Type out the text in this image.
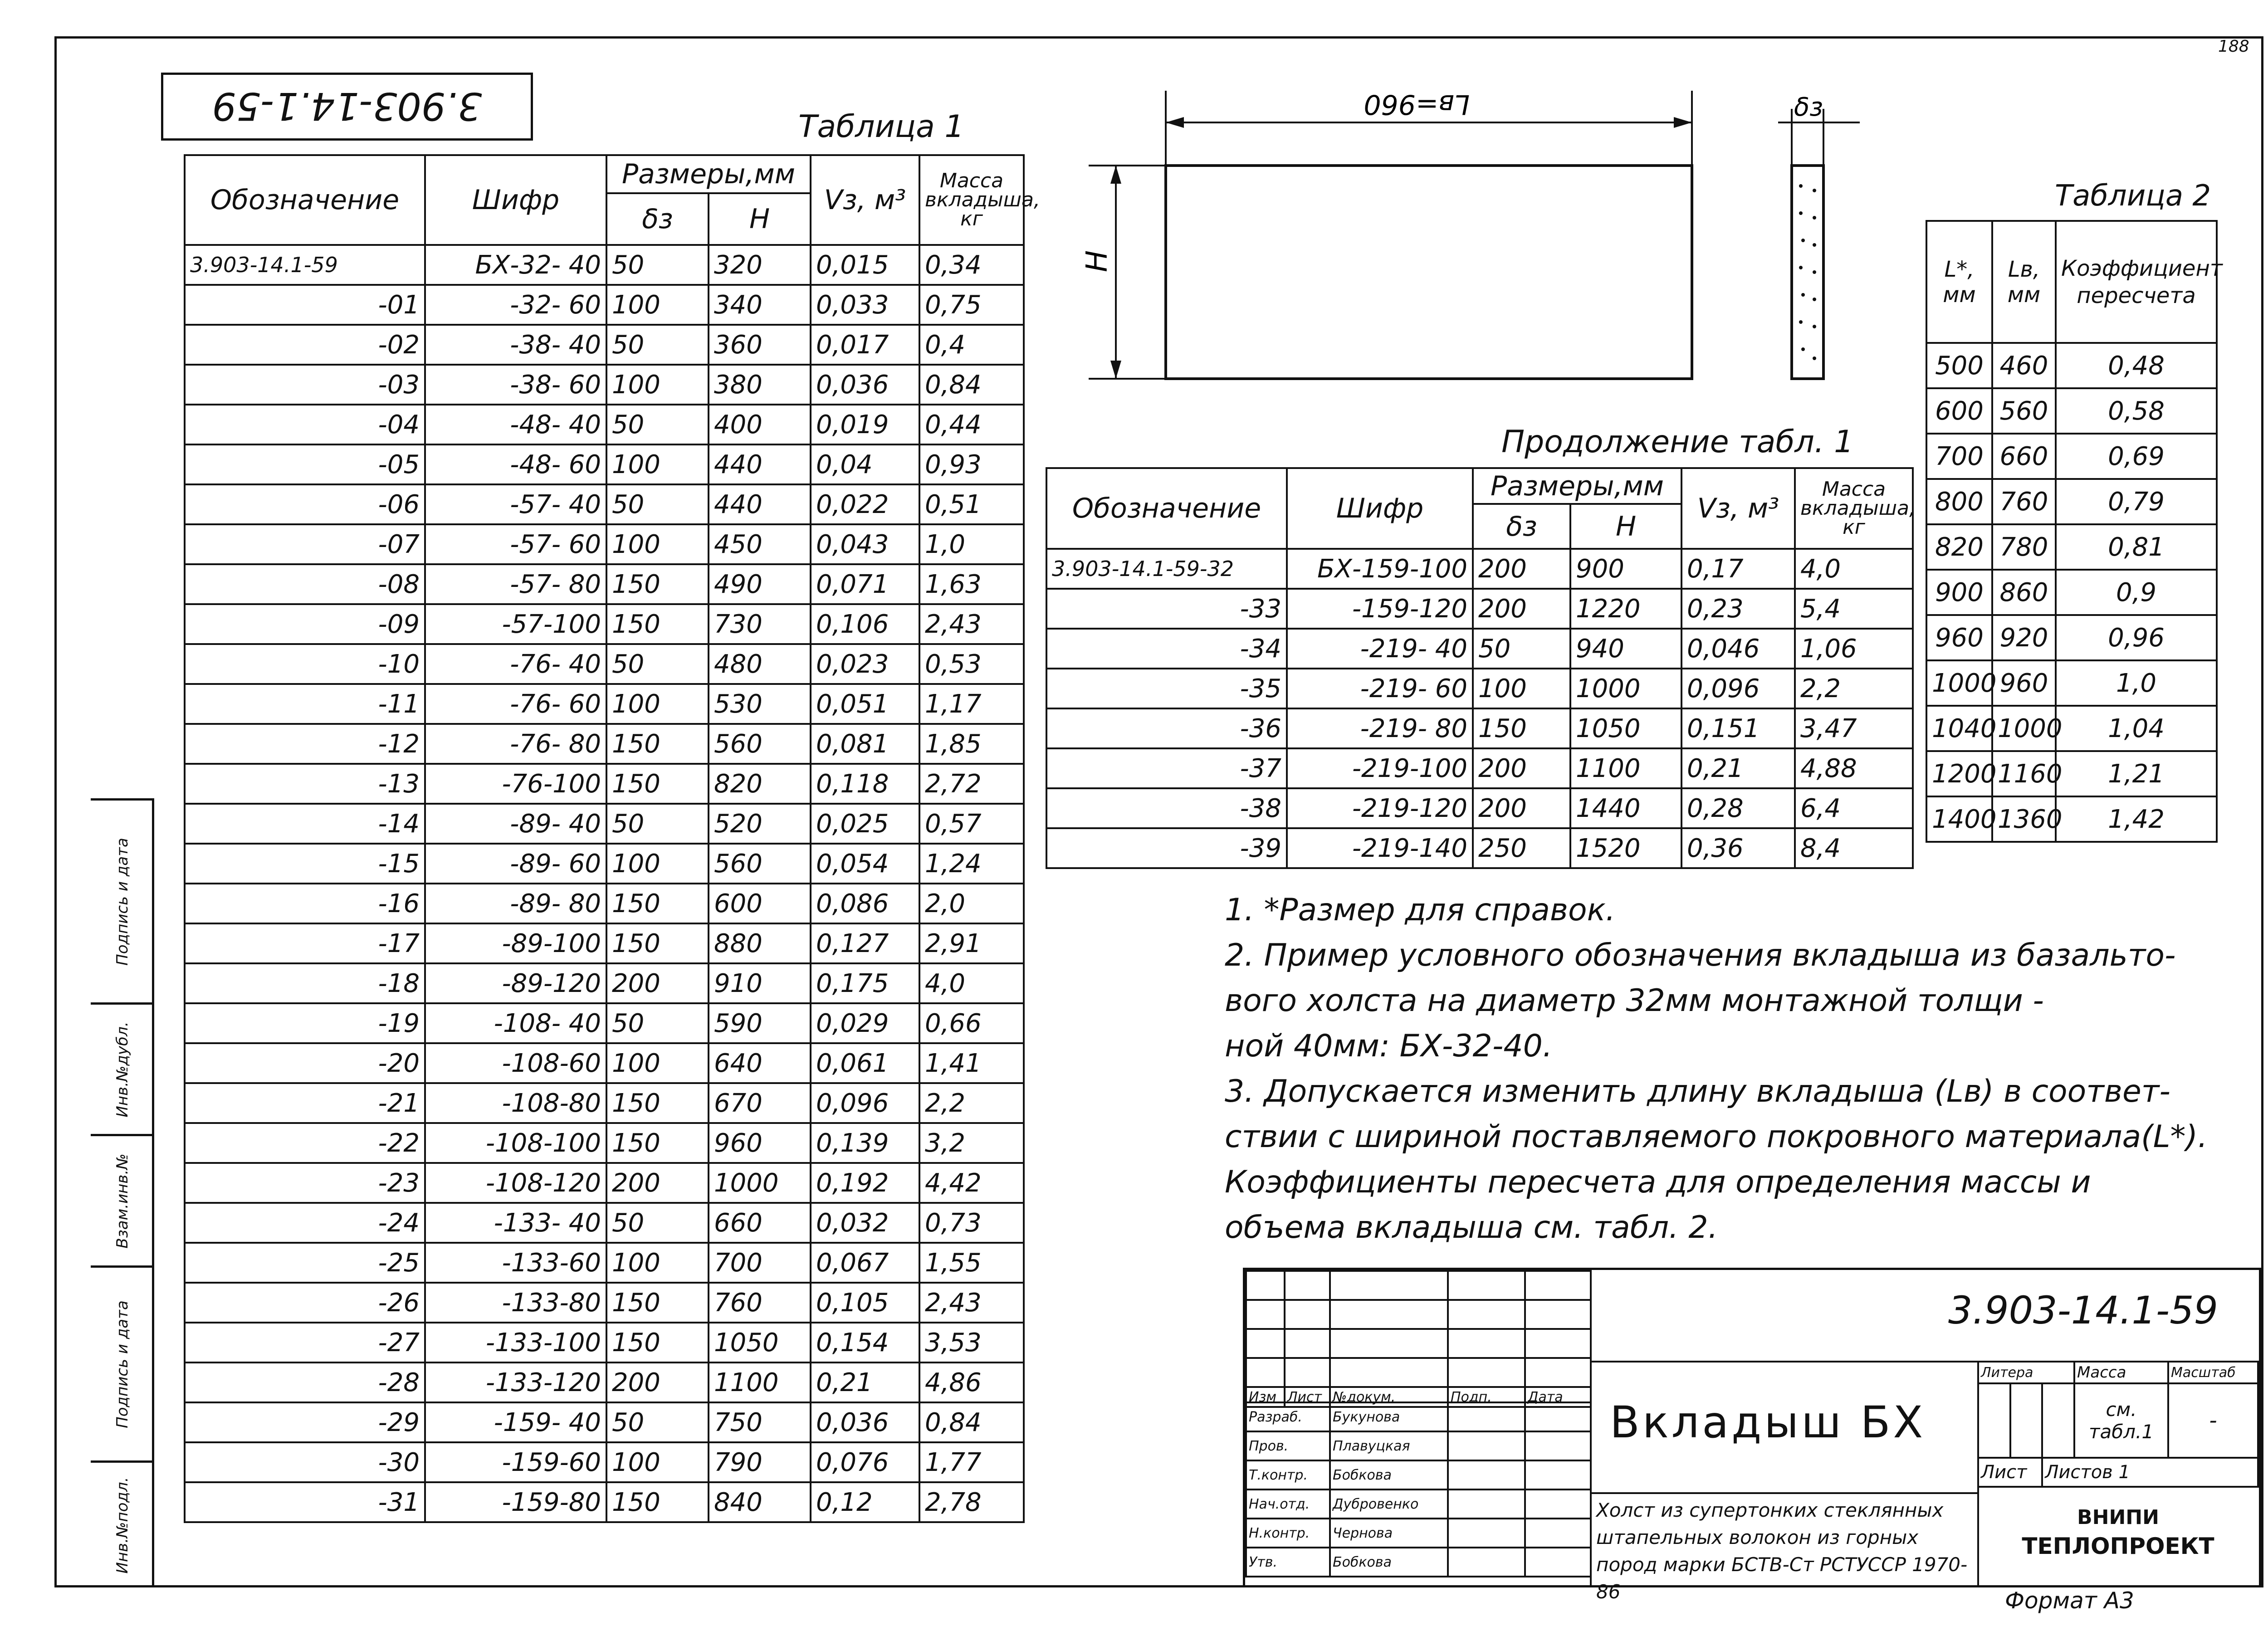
188
3.903-14.1-59
Подпись и дата
Инв.№дубл.
Взам.инв.№
Подпись и дата
Инв.№подл.
Таблица 1
Обозначение	Шифр	Размеры,мм		Vз, м³	Масса вкладыша, кг
		δз	H		
3.903-14.1-59	БХ-32- 40	50	320	0,015	0,34
-01	-32- 60	100	340	0,033	0,75
-02	-38- 40	50	360	0,017	0,4
-03	-38- 60	100	380	0,036	0,84
-04	-48- 40	50	400	0,019	0,44
-05	-48- 60	100	440	0,04	0,93
-06	-57- 40	50	440	0,022	0,51
-07	-57- 60	100	450	0,043	1,0
-08	-57- 80	150	490	0,071	1,63
-09	-57-100	150	730	0,106	2,43
-10	-76- 40	50	480	0,023	0,53
-11	-76- 60	100	530	0,051	1,17
-12	-76- 80	150	560	0,081	1,85
-13	-76-100	150	820	0,118	2,72
-14	-89- 40	50	520	0,025	0,57
-15	-89- 60	100	560	0,054	1,24
-16	-89- 80	150	600	0,086	2,0
-17	-89-100	150	880	0,127	2,91
-18	-89-120	200	910	0,175	4,0
-19	-108- 40	50	590	0,029	0,66
-20	-108-60	100	640	0,061	1,41
-21	-108-80	150	670	0,096	2,2
-22	-108-100	150	960	0,139	3,2
-23	-108-120	200	1000	0,192	4,42
-24	-133- 40	50	660	0,032	0,73
-25	-133-60	100	700	0,067	1,55
-26	-133-80	150	760	0,105	2,43
-27	-133-100	150	1050	0,154	3,53
-28	-133-120	200	1100	0,21	4,86
-29	-159- 40	50	750	0,036	0,84
-30	-159-60	100	790	0,076	1,77
-31	-159-80	150	840	0,12	2,78
Lв=960
H
δз
Продолжение табл. 1
Обозначение	Шифр	Размеры,мм		Vз, м³	Масса вкладыша, кг
		δз	H		
3.903-14.1-59-32	БХ-159-100	200	900	0,17	4,0
-33	-159-120	200	1220	0,23	5,4
-34	-219- 40	50	940	0,046	1,06
-35	-219- 60	100	1000	0,096	2,2
-36	-219- 80	150	1050	0,151	3,47
-37	-219-100	200	1100	0,21	4,88
-38	-219-120	200	1440	0,28	6,4
-39	-219-140	250	1520	0,36	8,4
Таблица 2
L*, мм	Lв, мм	Коэффициент пересчета
500	460	0,48
600	560	0,58
700	660	0,69
800	760	0,79
820	780	0,81
900	860	0,9
960	920	0,96
1000	960	1,0
1040	1000	1,04
1200	1160	1,21
1400	1360	1,42
1. *Размер для справок.
2. Пример условного обозначения вкладыша из базальто-
вого холста на диаметр 32мм монтажной толщи -
ной 40мм: БХ-32-40.
3. Допускается изменить длину вкладыша (Lв) в соответ-
ствии с шириной поставляемого покровного материала(L*).
Коэффициенты пересчета для определения массы и
объема вкладыша см. табл. 2.

Изм	Лист	№докум.	Подп.	Дата
Разраб.	Букунова		
Пров.	Плавуцкая		
Т.контр.	Бобкова		
Нач.отд.	Дубровенко		
Н.контр.	Чернова		
Утв.	Бобкова		
3.903-14.1-59
Вкладыш БХ
Литера			Масса	Масштаб
			см. табл.1	-
Лист		Листов 1		
Холст из супертонких стеклянных штапельных волокон из горных пород марки БСТВ-Ст РСТУССР 1970-86
ВНИПИ
ТЕПЛОПРОЕКТ
Формат А3
